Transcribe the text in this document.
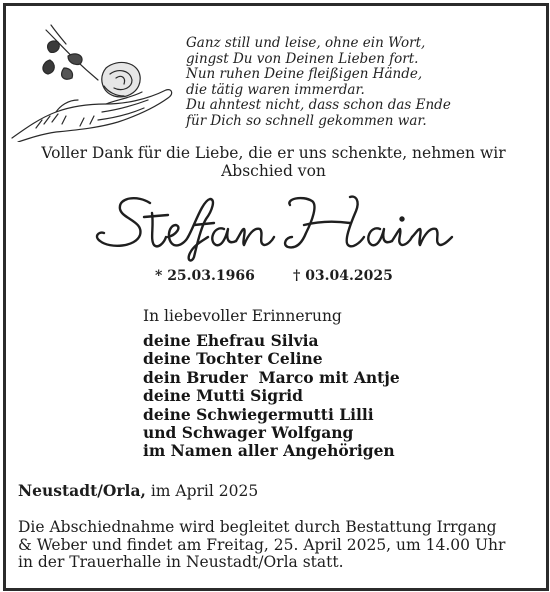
Ganz still und leise, ohne ein Wort,
gingst Du von Deinen Lieben fort.
Nun ruhen Deine fleißigen Hände,
die tätig waren immerdar.
Du ahntest nicht, dass schon das Ende
für Dich so schnell gekommen war.
Voller Dank für die Liebe, die er uns schenkte, nehmen wir
Abschied von
* 25.03.1966	† 03.04.2025
In liebevoller Erinnerung
deine Ehefrau Silvia
deine Tochter Celine
dein Bruder  Marco mit Antje
deine Mutti Sigrid
deine Schwiegermutti Lilli
und Schwager Wolfgang
im Namen aller Angehörigen
Neustadt/Orla, im April 2025
Die Abschiednahme wird begleitet durch Bestattung Irrgang
& Weber und findet am Freitag, 25. April 2025, um 14.00 Uhr
in der Trauerhalle in Neustadt/Orla statt.
